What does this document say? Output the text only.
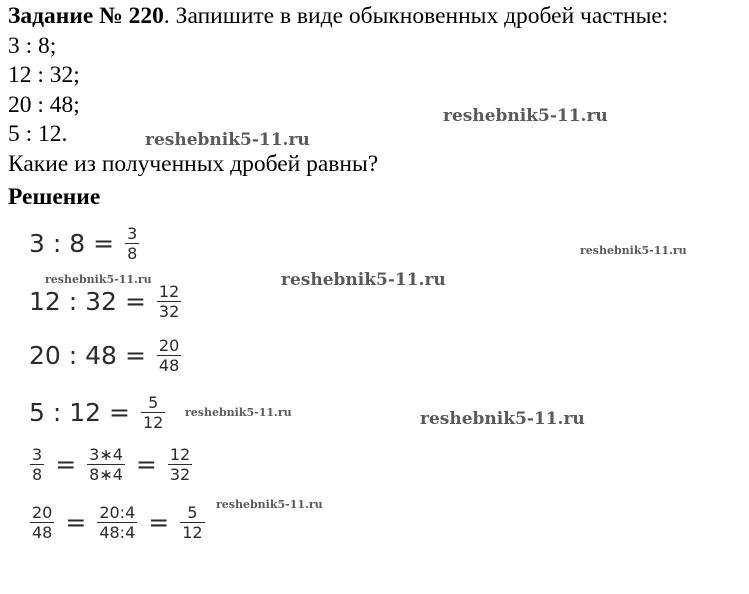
Задание № 220. Запишите в виде обыкновенных дробей частные:

3 : 8;

12 : 32;

20 : 48;

5 : 12.

Какие из полученных дробей равны?

Решение

3 : $8 = \frac{3}{8}$
12 : $32 = \frac{12}{32}$
20 : $48 = \frac{20}{48}$
5 : $12 = \frac{5}{12}$
$\frac{3}{8} = \frac{3∗4}{8∗4} = \frac{12}{32}$
$\frac{20}{48} = \frac{20:4}{48:4} = \frac{5}{12}$
reshebnik5-11.ru
reshebnik5-11.ru
reshebnik5-11.ru
reshebnik5-11.ru	reshebnik5-11.ru
reshebnik5-11.ru	reshebnik5-11.ru
reshebnik5-11.ru
